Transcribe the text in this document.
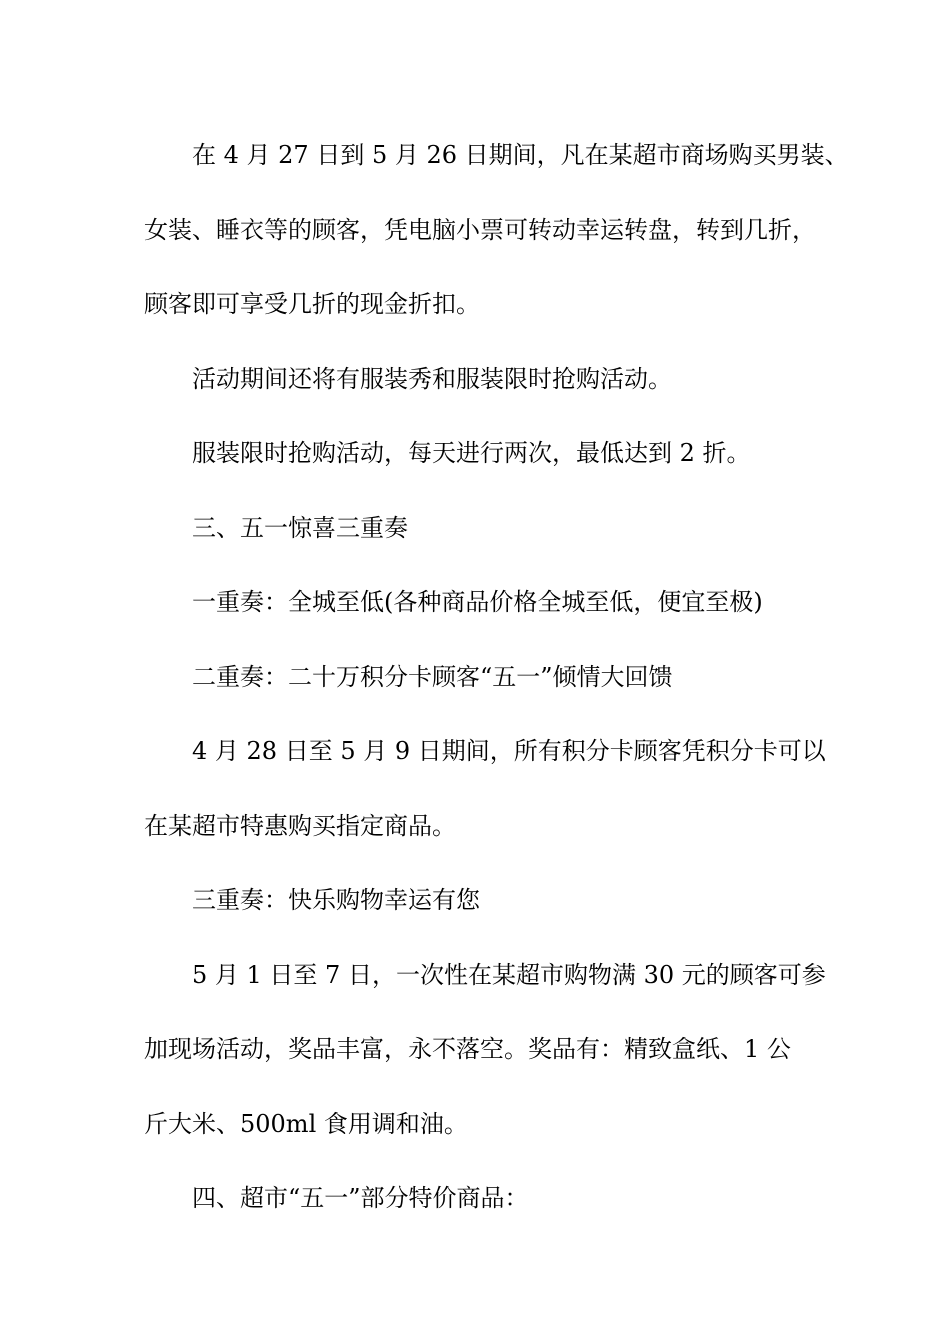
在 4 月 27 日到 5 月 26 日期间，凡在某超市商场购买男装、
女装、睡衣等的顾客，凭电脑小票可转动幸运转盘，转到几折，
顾客即可享受几折的现金折扣。

活动期间还将有服装秀和服装限时抢购活动。

服装限时抢购活动，每天进行两次，最低达到 2 折。

三、五一惊喜三重奏

一重奏：全城至低(各种商品价格全城至低，便宜至极)

二重奏：二十万积分卡顾客“五一”倾情大回馈

4 月 28 日至 5 月 9 日期间，所有积分卡顾客凭积分卡可以
在某超市特惠购买指定商品。

三重奏：快乐购物幸运有您

5 月 1 日至 7 日，一次性在某超市购物满 30 元的顾客可参
加现场活动，奖品丰富，永不落空。奖品有：精致盒纸、1 公
斤大米、500ml 食用调和油。

四、超市“五一”部分特价商品：
